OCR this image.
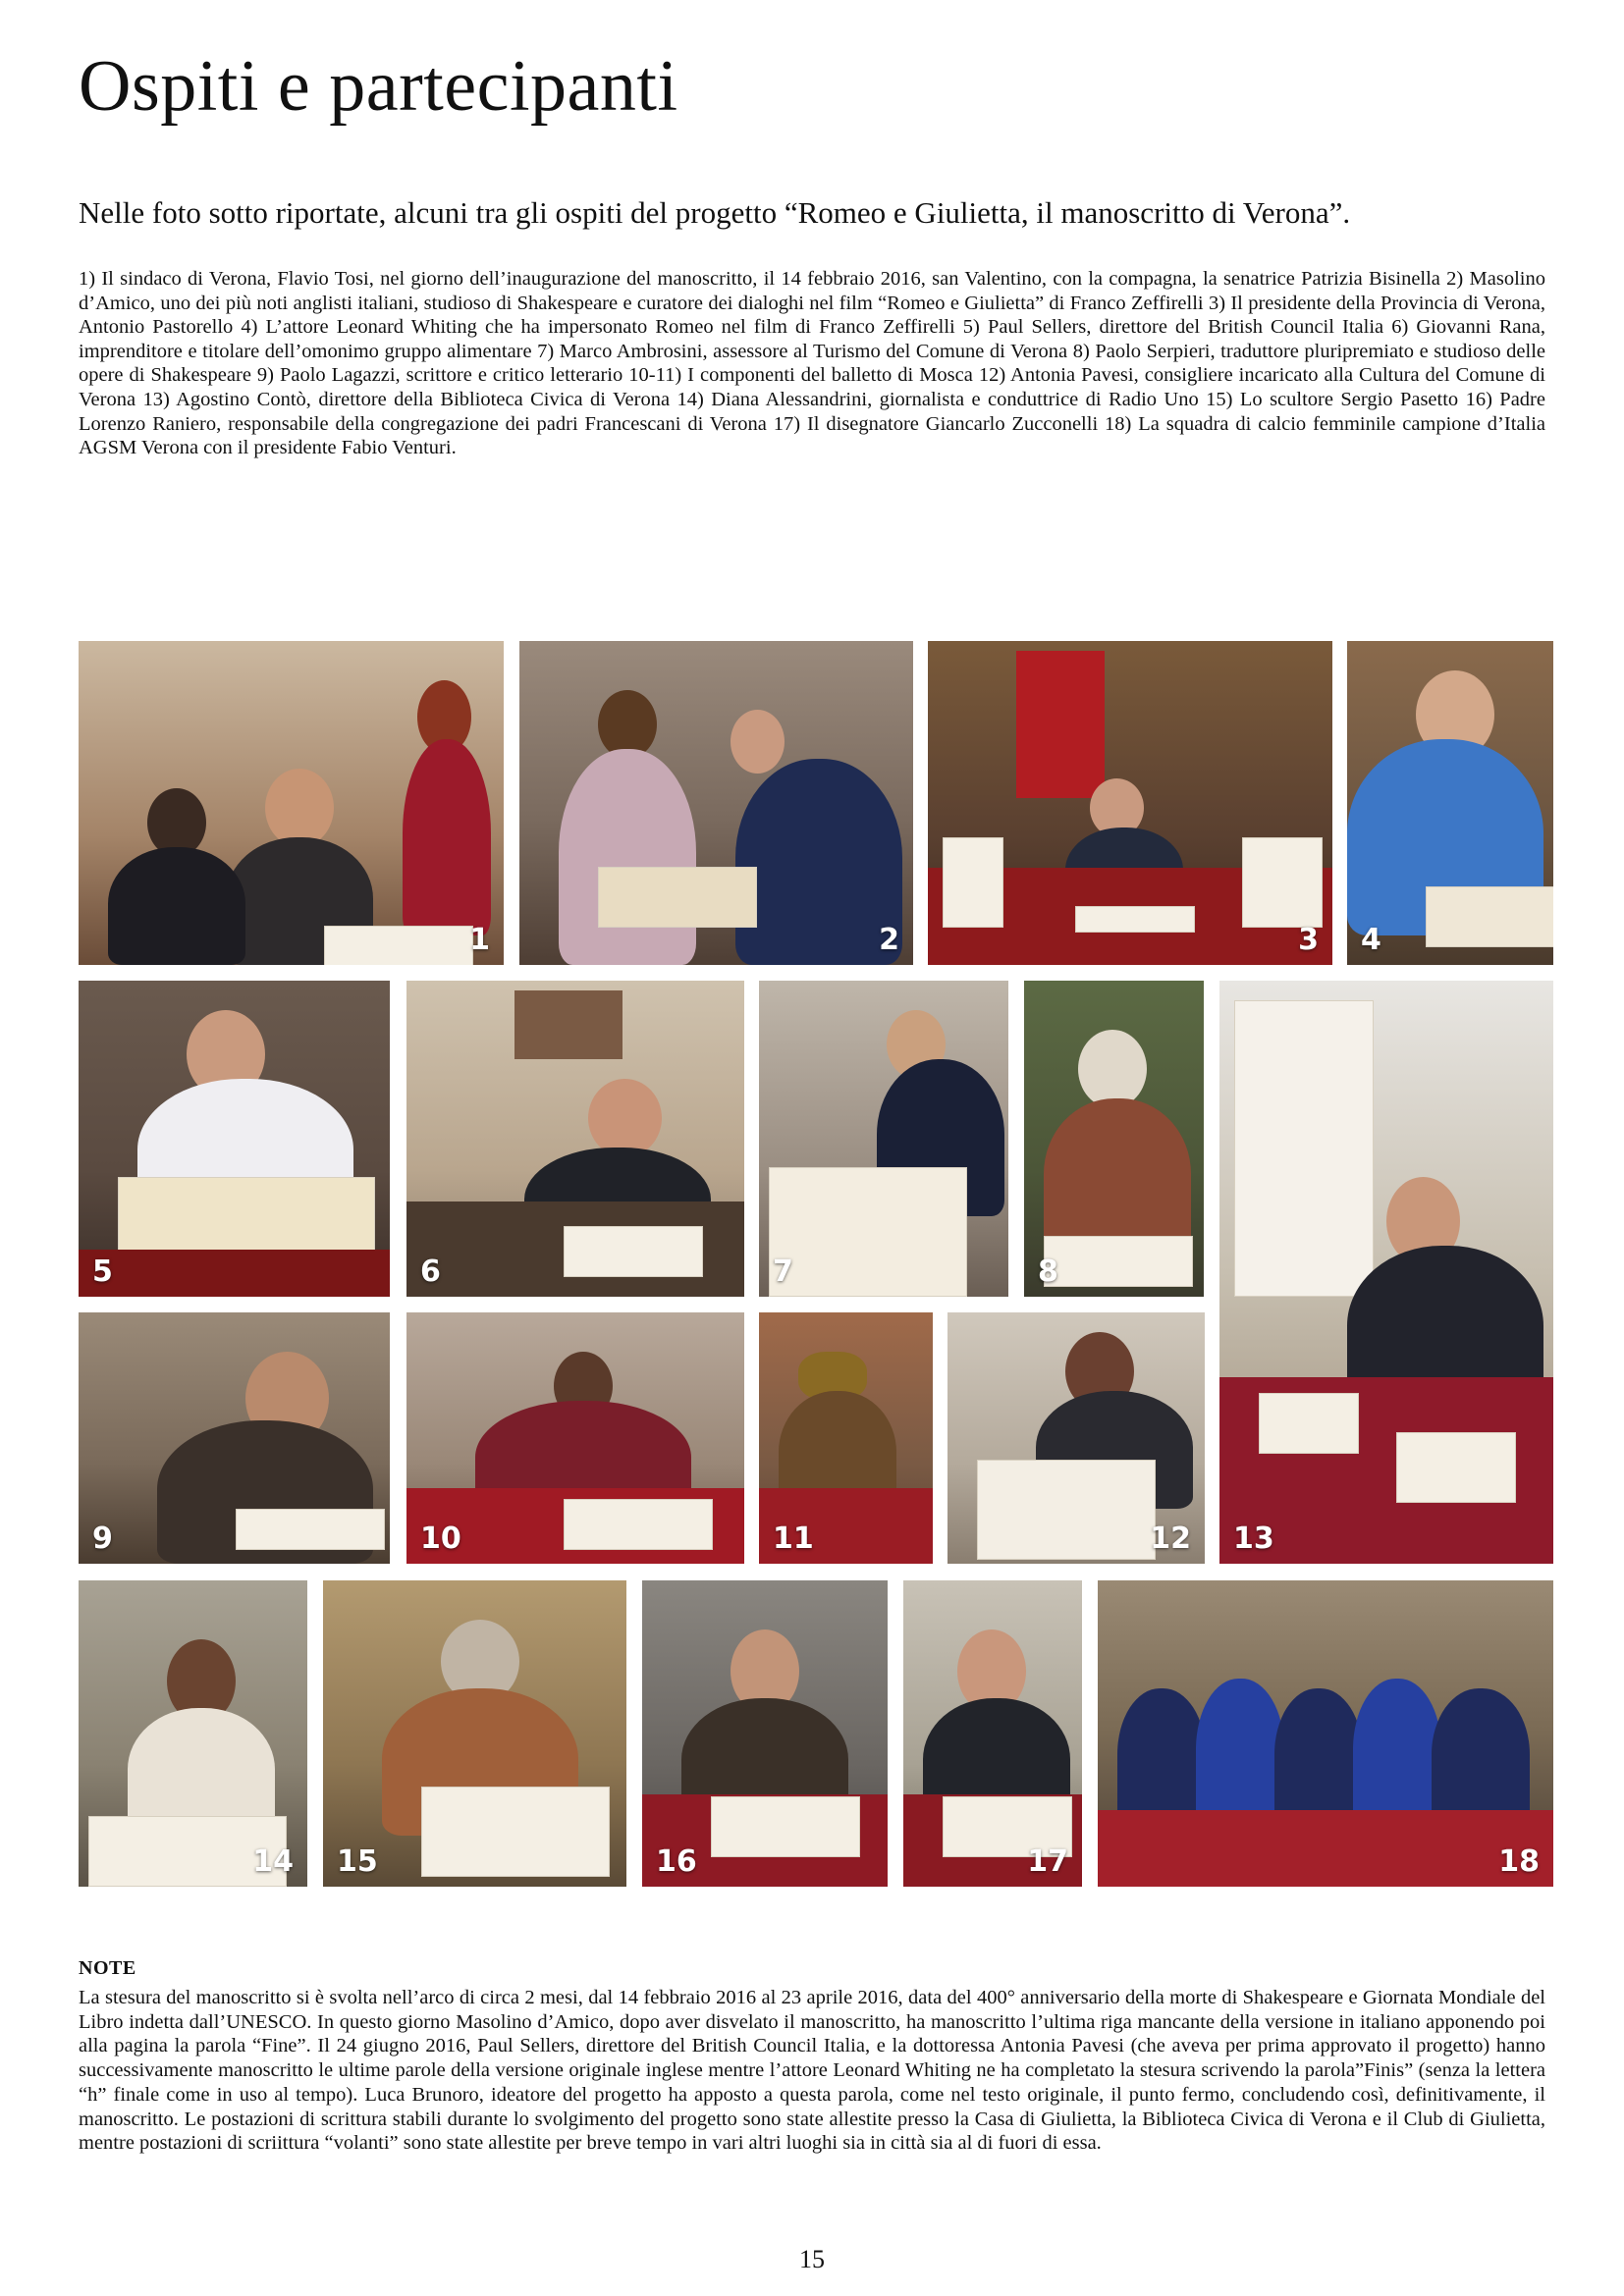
Ospiti e partecipanti

Nelle foto sotto riportate, alcuni tra gli ospiti del progetto “Romeo e Giulietta, il manoscritto di Verona”.

1) Il sindaco di Verona, Flavio Tosi, nel giorno dell’inaugurazione del manoscritto, il 14 febbraio 2016, san Valentino, con la compagna, la senatrice Patrizia Bisinella 2) Masolino d’Amico, uno dei più noti anglisti italiani, studioso di Shakespeare e curatore dei dialoghi nel film “Romeo e Giulietta” di Franco Zeffirelli 3) Il presidente della Provincia di Verona, Antonio Pastorello 4) L’attore Leonard Whiting che ha impersonato Romeo nel film di Franco Zeffirelli 5) Paul Sellers, direttore del British Council Italia 6) Giovanni Rana, imprenditore e titolare dell’omonimo gruppo alimentare 7) Marco Ambrosini, assessore al Turismo del Comune di Verona 8) Paolo Serpieri, traduttore pluripremiato e studioso delle opere di Shakespeare 9) Paolo Lagazzi, scrittore e critico letterario 10-11) I componenti del balletto di Mosca 12) Antonia Pavesi, consigliere incaricato alla Cultura del Comune di Verona 13) Agostino Contò, direttore della Biblioteca Civica di Verona 14) Diana Alessandrini, giornalista e conduttrice di Radio Uno 15) Lo scultore Sergio Pasetto 16) Padre Lorenzo Raniero, responsabile della congregazione dei padri Francescani di Verona 17) Il disegnatore Giancarlo Zucconelli 18) La squadra di calcio femminile campione d’Italia AGSM Verona con il presidente Fabio Venturi.

1	2	3 4
5	6	7	8
13
9	10	11	12
14 15	16	17	18
NOTE

La stesura del manoscritto si è svolta nell’arco di circa 2 mesi, dal 14 febbraio 2016 al 23 aprile 2016, data del 400° anniversario della morte di Shakespeare e Giornata Mondiale del Libro indetta dall’UNESCO. In questo giorno Masolino d’Amico, dopo aver disvelato il manoscritto, ha manoscritto l’ultima riga mancante della versione in italiano apponendo poi alla pagina la parola “Fine”. Il 24 giugno 2016, Paul Sellers, direttore del British Council Italia, e la dottoressa Antonia Pavesi (che aveva per prima approvato il progetto) hanno successivamente manoscritto le ultime parole della versione originale inglese mentre l’attore Leonard Whiting ne ha completato la stesura scrivendo la parola”Finis” (senza la lettera “h” finale come in uso al tempo). Luca Brunoro, ideatore del progetto ha apposto a questa parola, come nel testo originale, il punto fermo, concludendo così, definitivamente, il manoscritto. Le postazioni di scrittura stabili durante lo svolgimento del progetto sono state allestite presso la Casa di Giulietta, la Biblioteca Civica di Verona e il Club di Giulietta, mentre postazioni di scriittura “volanti” sono state allestite per breve tempo in vari altri luoghi sia in città sia al di fuori di essa.

15
